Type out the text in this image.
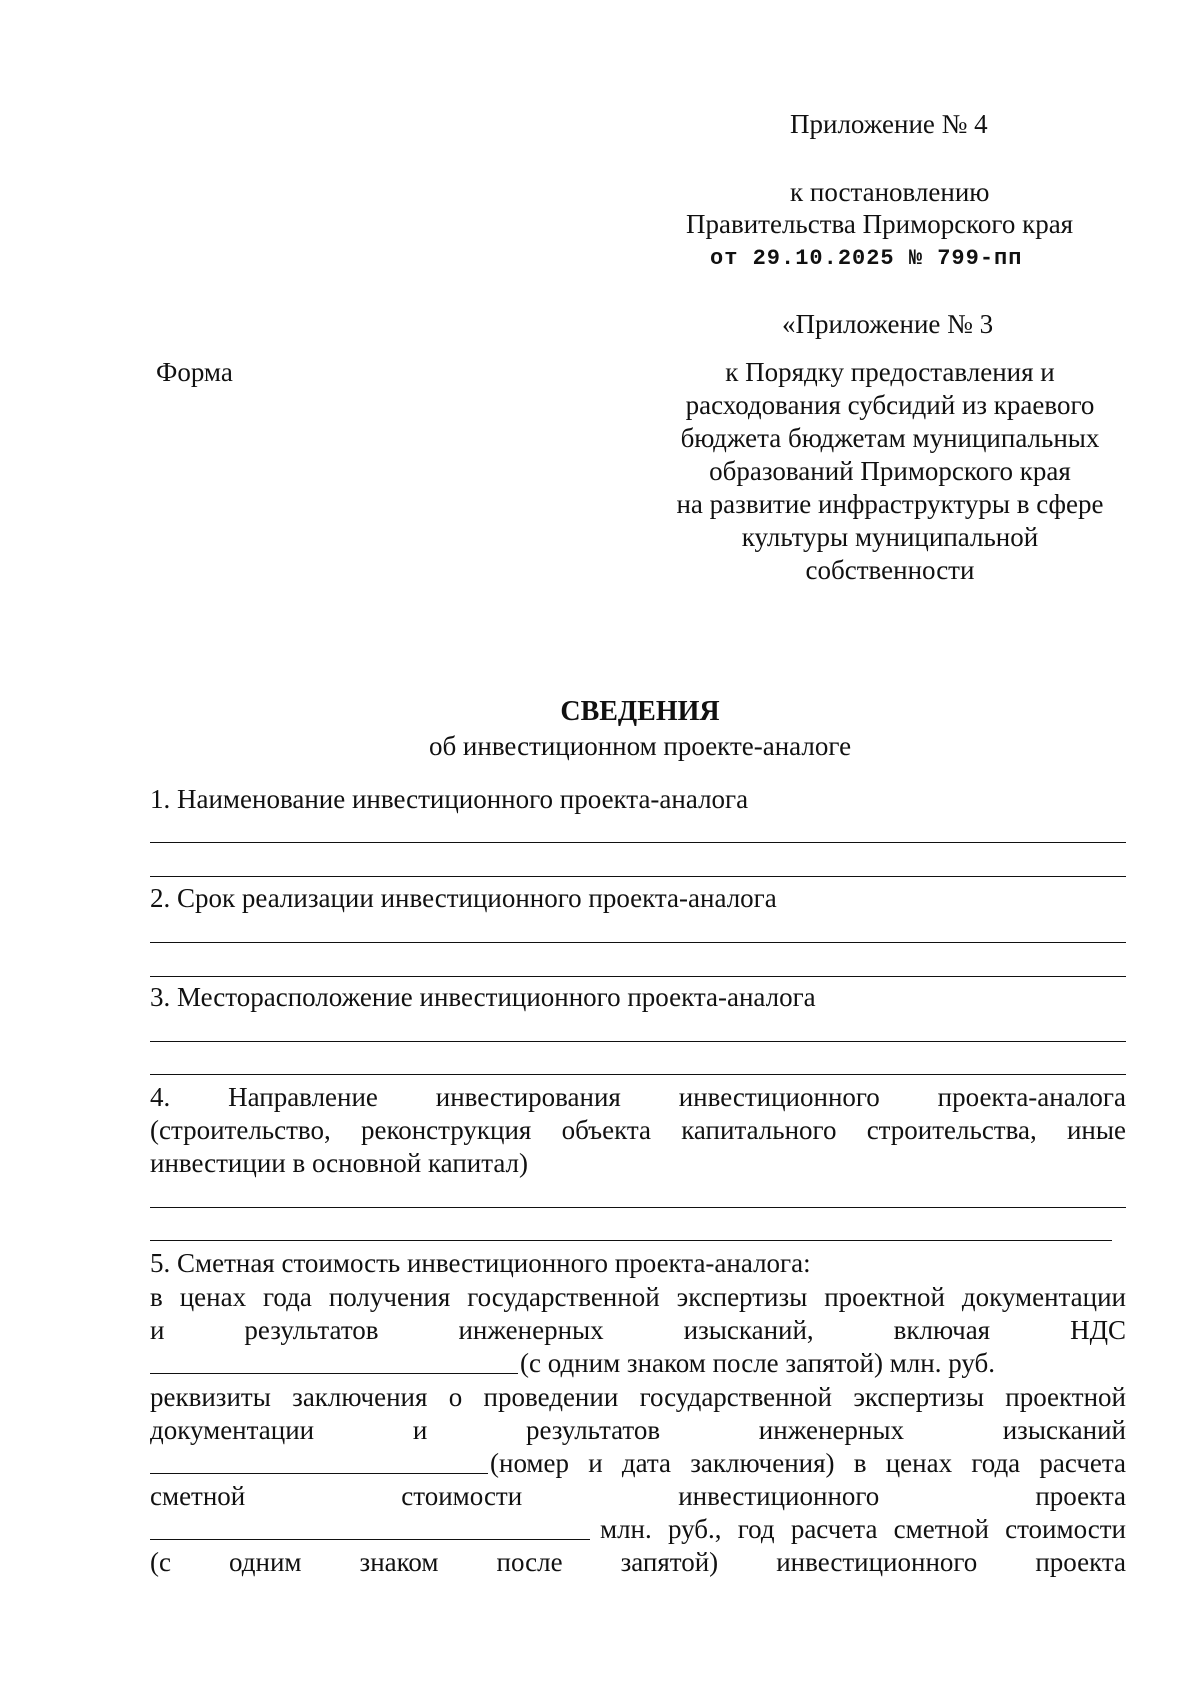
Приложение № 4
к постановлению
Правительства Приморского края
от 29.10.2025 № 799-пп
«Приложение № 3
Форма	к Порядку предоставления и
расходования субсидий из краевого
бюджета бюджетам муниципальных
образований Приморского края
на развитие инфраструктуры в сфере
культуры муниципальной
собственности
СВЕДЕНИЯ
об инвестиционном проекте-аналоге
1. Наименование инвестиционного проекта-аналога
2. Срок реализации инвестиционного проекта-аналога
3. Месторасположение инвестиционного проекта-аналога
4. Направление инвестирования инвестиционного проекта-аналога
(строительство, реконструкция объекта капитального строительства, иные
инвестиции в основной капитал)
5. Сметная стоимость инвестиционного проекта-аналога:
в ценах года получения государственной экспертизы проектной документации
и результатов инженерных изысканий, включая НДС
(с одним знаком после запятой) млн. руб.
реквизиты заключения о проведении государственной экспертизы проектной
документации и результатов инженерных изысканий
(номер и дата заключения) в ценах года расчета
сметной стоимости инвестиционного проекта
млн. руб., год расчета сметной стоимости
(с одним знаком после запятой) инвестиционного проекта
